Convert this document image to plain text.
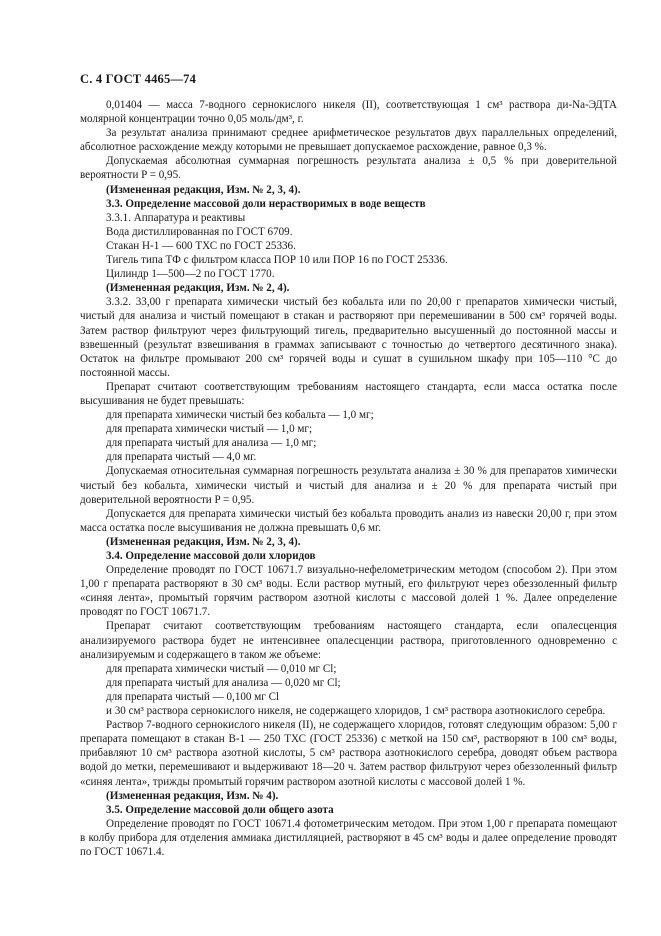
С. 4 ГОСТ 4465—74

0,01404 — масса 7-водного сернокислого никеля (II), соответствующая 1 см³ раствора ди-Na-ЭДТА молярной концентрации точно 0,05 моль/дм³, г.

За результат анализа принимают среднее арифметическое результатов двух параллельных определений, абсолютное расхождение между которыми не превышает допускаемое расхождение, равное 0,3 %.

Допускаемая абсолютная суммарная погрешность результата анализа ± 0,5 % при доверительной вероятности P = 0,95.

(Измененная редакция, Изм. № 2, 3, 4).

3.3. Определение массовой доли нерастворимых в воде веществ

3.3.1. Аппаратура и реактивы

Вода дистиллированная по ГОСТ 6709.

Стакан Н-1 — 600 ТХС по ГОСТ 25336.

Тигель типа ТФ с фильтром класса ПОР 10 или ПОР 16 по ГОСТ 25336.

Цилиндр 1—500—2 по ГОСТ 1770.

(Измененная редакция, Изм. № 2, 4).

3.3.2. 33,00 г препарата химически чистый без кобальта или по 20,00 г препаратов химически чистый, чистый для анализа и чистый помещают в стакан и растворяют при перемешивании в 500 см³ горячей воды. Затем раствор фильтруют через фильтрующий тигель, предварительно высушенный до постоянной массы и взвешенный (результат взвешивания в граммах записывают с точностью до четвертого десятичного знака). Остаток на фильтре промывают 200 см³ горячей воды и сушат в сушильном шкафу при 105—110 °С до постоянной массы.

Препарат считают соответствующим требованиям настоящего стандарта, если масса остатка после высушивания не будет превышать:

для препарата химически чистый без кобальта — 1,0 мг;

для препарата химически чистый — 1,0 мг;

для препарата чистый для анализа — 1,0 мг;

для препарата чистый — 4,0 мг.

Допускаемая относительная суммарная погрешность результата анализа ± 30 % для препаратов химически чистый без кобальта, химически чистый и чистый для анализа и ± 20 % для препарата чистый при доверительной вероятности P = 0,95.

Допускается для препарата химически чистый без кобальта проводить анализ из навески 20,00 г, при этом масса остатка после высушивания не должна превышать 0,6 мг.

(Измененная редакция, Изм. № 2, 3, 4).

3.4. Определение массовой доли хлоридов

Определение проводят по ГОСТ 10671.7 визуально-нефелометрическим методом (способом 2). При этом 1,00 г препарата растворяют в 30 см³ воды. Если раствор мутный, его фильтруют через обеззоленный фильтр «синяя лента», промытый горячим раствором азотной кислоты с массовой долей 1 %. Далее определение проводят по ГОСТ 10671.7.

Препарат считают соответствующим требованиям настоящего стандарта, если опалесценция анализируемого раствора будет не интенсивнее опалесценции раствора, приготовленного одновременно с анализируемым и содержащего в таком же объеме:

для препарата химически чистый — 0,010 мг Cl;

для препарата чистый для анализа — 0,020 мг Cl;

для препарата чистый — 0,100 мг Cl

и 30 см³ раствора сернокислого никеля, не содержащего хлоридов, 1 см³ раствора азотнокислого серебра.

Раствор 7-водного сернокислого никеля (II), не содержащего хлоридов, готовят следующим образом: 5,00 г препарата помещают в стакан В-1 — 250 ТХС (ГОСТ 25336) с меткой на 150 см³, растворяют в 100 см³ воды, прибавляют 10 см³ раствора азотной кислоты, 5 см³ раствора азотнокислого серебра, доводят объем раствора водой до метки, перемешивают и выдерживают 18—20 ч. Затем раствор фильтруют через обеззоленный фильтр «синяя лента», трижды промытый горячим раствором азотной кислоты с массовой долей 1 %.

(Измененная редакция, Изм. № 4).

3.5. Определение массовой доли общего азота

Определение проводят по ГОСТ 10671.4 фотометрическим методом. При этом 1,00 г препарата помещают в колбу прибора для отделения аммиака дистилляцией, растворяют в 45 см³ воды и далее определение проводят по ГОСТ 10671.4.
